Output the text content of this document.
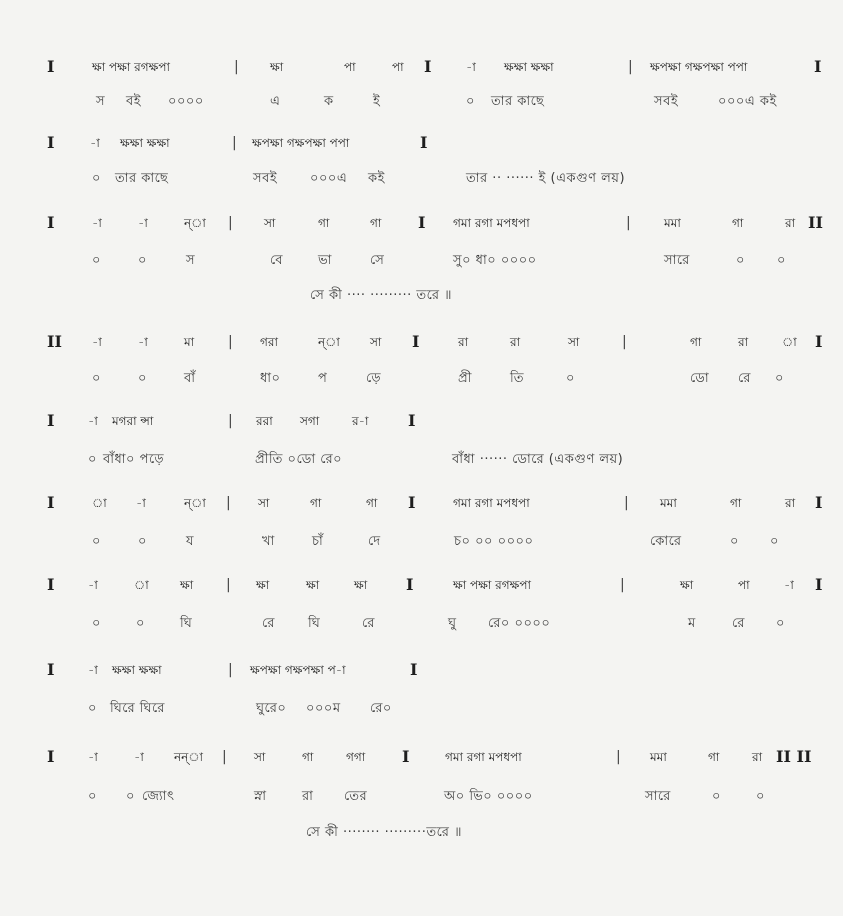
I	ক্ষা পক্ষা রগক্ষপা	|	ক্ষা	পা	পা I	-া ক্ষক্ষা ক্ষক্ষা	| ক্ষপক্ষা গক্ষপক্ষা পপা	I
স বই ০০০০	এ	ক	ই	০ তার কাছে	সবই	০০০এ কই
I	-া ক্ষক্ষা ক্ষক্ষা	| ক্ষপক্ষা গক্ষপক্ষা পপা	I
০ তার কাছে	সবই	০০০এ কই	তার ·· ······ ই (একগুণ লয়)
I	-া	-া	ন্া |	সা	গা	গা I গমা রগা মপধপা	|	মমা	গা	রা II
০	০	স	বে	ভা	সে	সু০ ধা০ ০০০০	সারে	০ ০
সে কী ···· ········· তরে ॥
II	-া	-া	মা | গরা	ন্া	সা I	রা	রা	সা	|	গা	রা	া I
০	০	বাঁ	ধা০	প	ড়ে	প্রী	তি	০	ডো রে ০
I	-া মগরা ন্সা	| ররা সগা	র-া I
০ বাঁধা০ পড়ে	প্রীতি ০ডো রে০	বাঁধা ······ ডোরে (একগুণ লয়)
I	া -া	ন্া | সা	গা	গা I	গমা রগা মপধপা	|	মমা	গা	রা I
০	০	য	খা	চাঁ	দে	চ০ ০০ ০০০০	কোরে	০ ০
I	-া	া	ক্ষা | ক্ষা	ক্ষা	ক্ষা I	ক্ষা পক্ষা রগক্ষপা	|	ক্ষা	পা	-া I
০	০	ঘি	রে	ঘি	রে	ঘু রে০ ০০০০	ম	রে ০
I	-া ক্ষক্ষা ক্ষক্ষা	| ক্ষপক্ষা গক্ষপক্ষা প-া	I
০ ঘিরে ঘিরে	ঘুরে০ ০০০ম রে০
I	-া	-া	নন্া | সা	গা	গগা I	গমা রগা মপধপা	| মমা	গা	রা II II
০ ০ জ্যোৎ	স্না	রা তের	অ০ ভি০ ০০০০	সারে	০	০
সে কী ········ ·········তরে ॥
